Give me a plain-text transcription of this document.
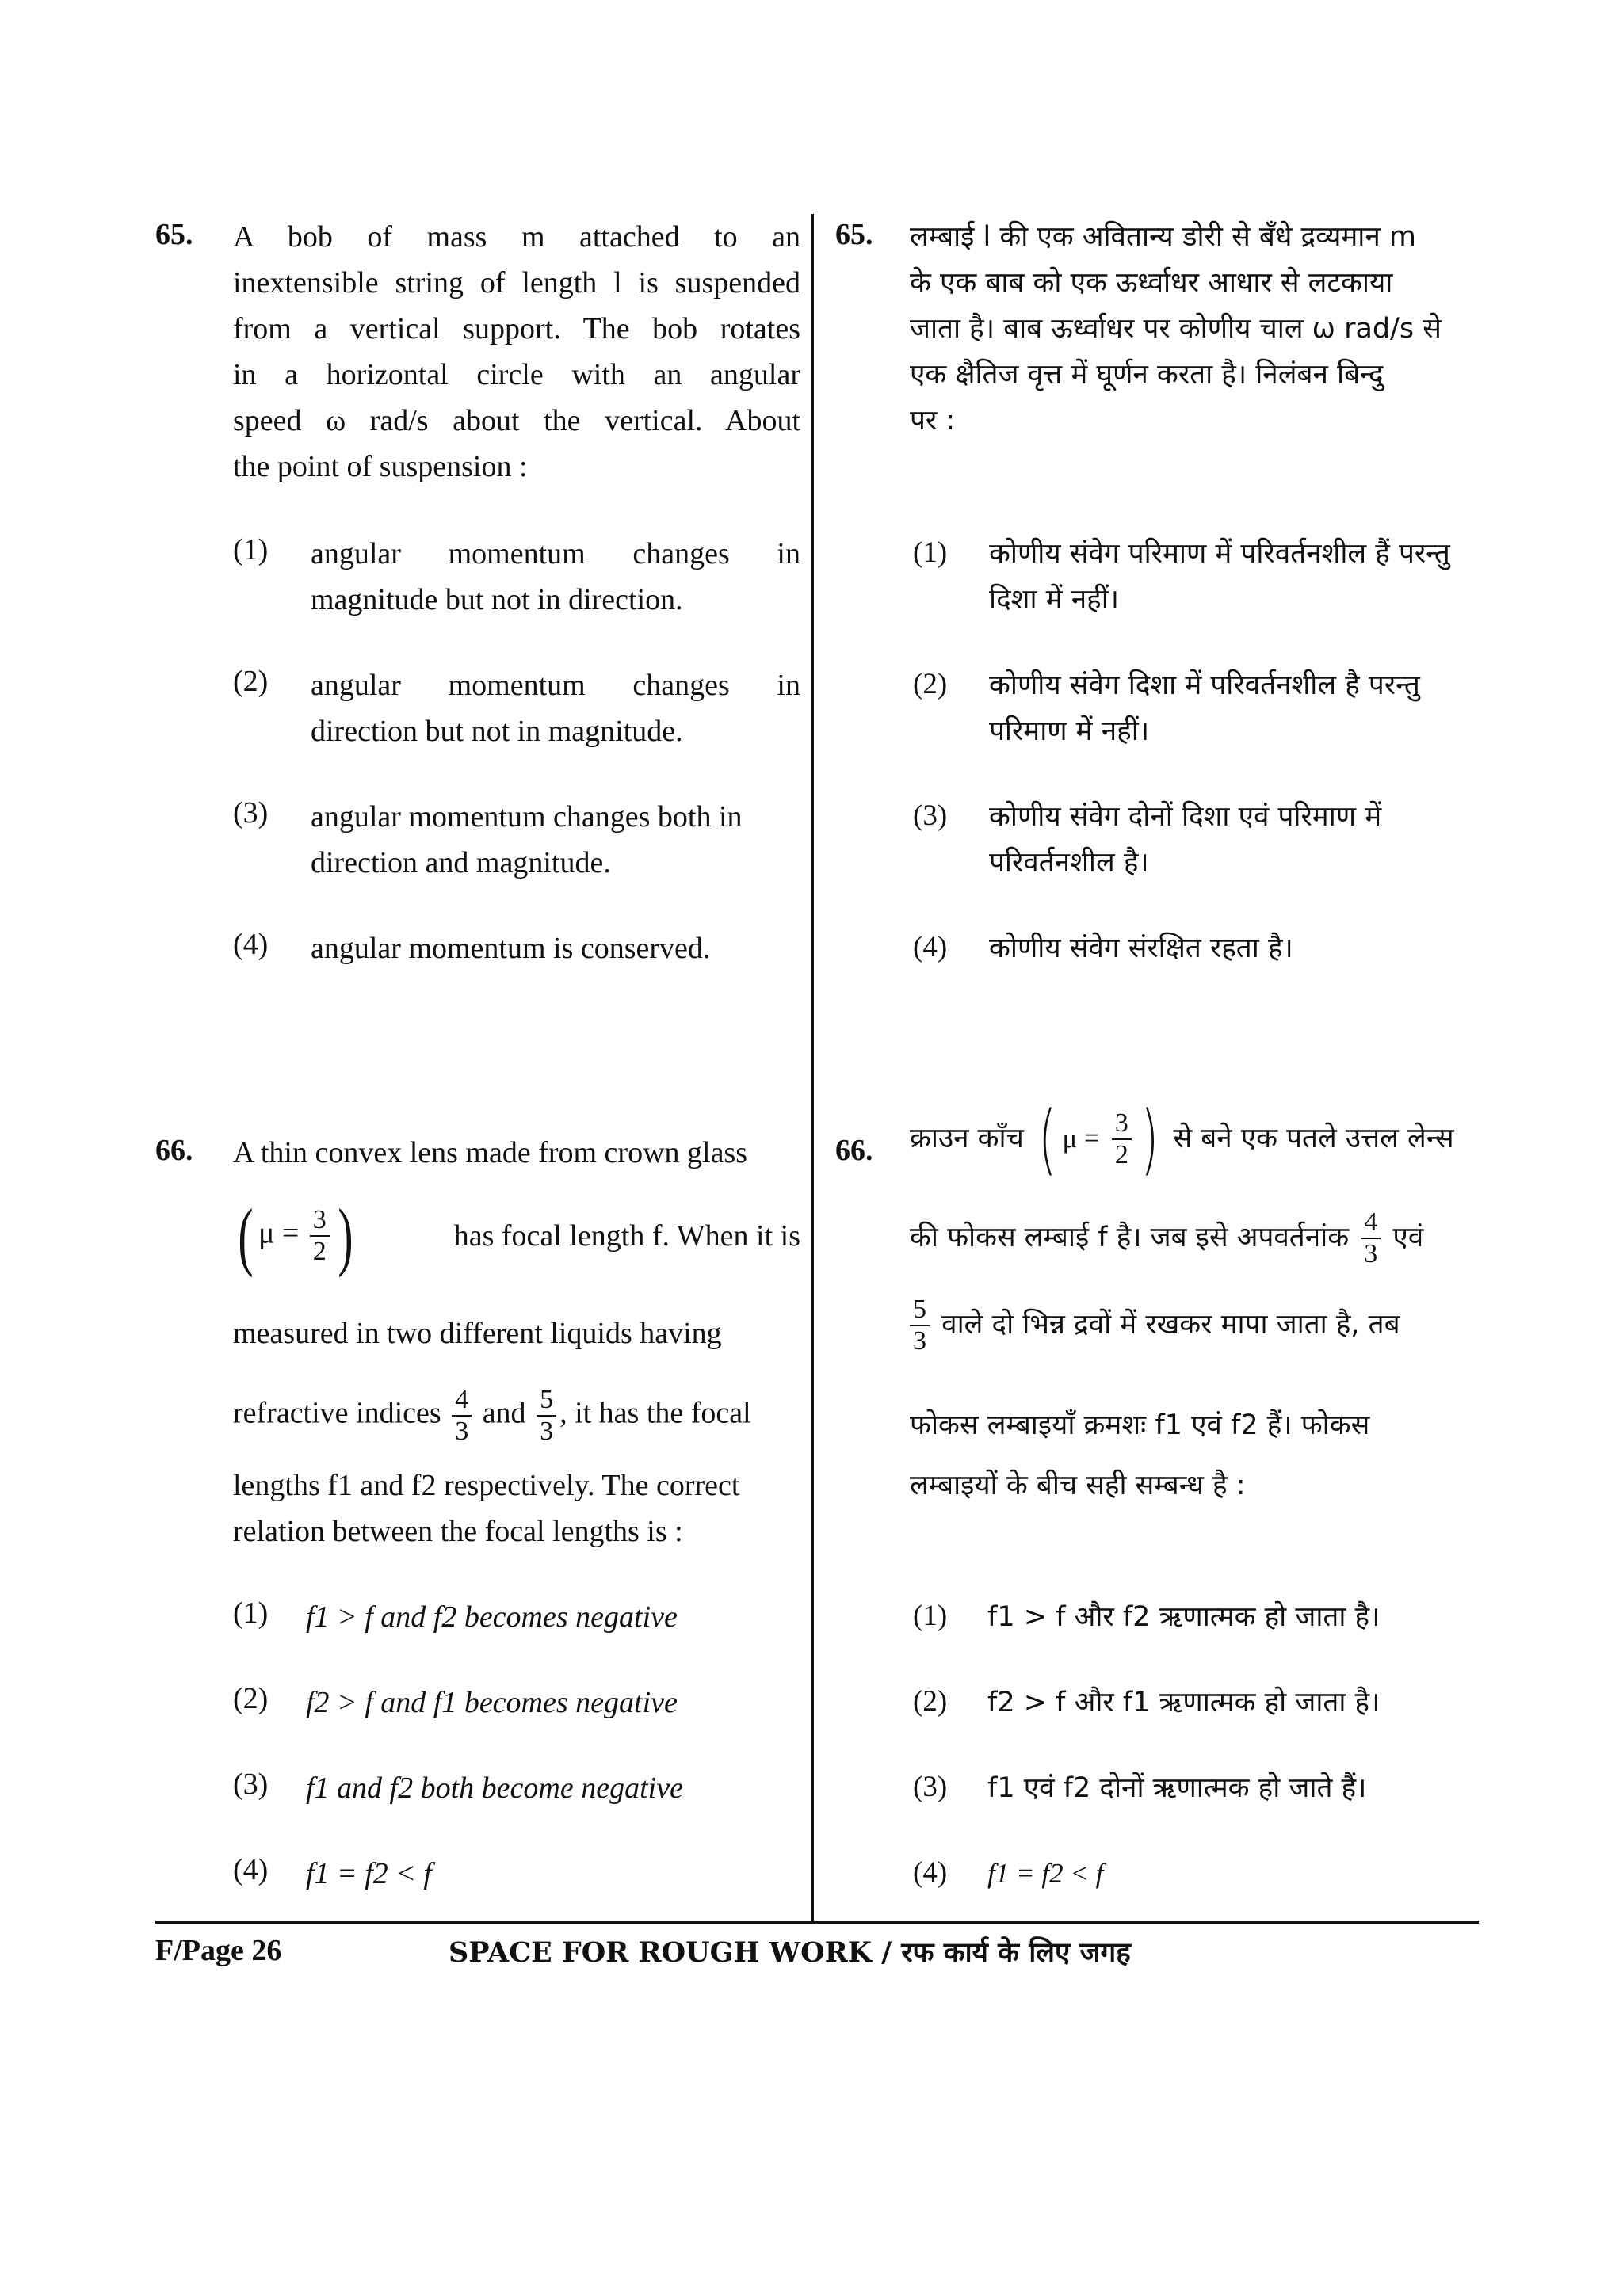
65. A bob of mass m attached to an
inextensible string of length l is suspended
from a vertical support. The bob rotates
in a horizontal circle with an angular
speed ω rad/s about the vertical. About
the point of suspension :
(1) angular momentum changes in
magnitude but not in direction.
(2) angular momentum changes in
direction but not in magnitude.
(3) angular momentum changes both in
direction and magnitude.
(4) angular momentum is conserved.
66. A thin convex lens made from crown glass
( $\mu = \frac{3}{2}$ )	has focal length f. When it is
measured in two different liquids having
refractive indices $\frac{4}{3}$ and $\frac{5}{3}$ , it has the focal
lengths f1 and f2 respectively. The correct
relation between the focal lengths is :
(1) f1 > f and f2 becomes negative
(2) f2 > f and f1 becomes negative
(3) f1 and f2 both become negative
(4) f1 = f2 < f
65. लम्बाई l की एक अवितान्य डोरी से बँधे द्रव्यमान m
के एक बाब को एक ऊर्ध्वाधर आधार से लटकाया
जाता है। बाब ऊर्ध्वाधर पर कोणीय चाल ω rad/s से
एक क्षैतिज वृत्त में घूर्णन करता है। निलंबन बिन्दु
पर :
(1) कोणीय संवेग परिमाण में परिवर्तनशील हैं परन्तु
दिशा में नहीं।
(2) कोणीय संवेग दिशा में परिवर्तनशील है परन्तु
परिमाण में नहीं।
(3) कोणीय संवेग दोनों दिशा एवं परिमाण में
परिवर्तनशील है।
(4) कोणीय संवेग संरक्षित रहता है।
66. क्राउन काँच ( $\mu = \frac{3}{2}$ ) से बने एक पतले उत्तल लेन्स
की फोकस लम्बाई f है। जब इसे अपवर्तनांक $\frac{4}{3}$ एवं
$\frac{5}{3}$ वाले दो भिन्न द्रवों में रखकर मापा जाता है, तब
फोकस लम्बाइयाँ क्रमशः f1 एवं f2 हैं। फोकस
लम्बाइयों के बीच सही सम्बन्ध है :
(1) f1 > f और f2 ऋणात्मक हो जाता है।
(2) f2 > f और f1 ऋणात्मक हो जाता है।
(3) f1 एवं f2 दोनों ऋणात्मक हो जाते हैं।
(4) f1 = f2 < f
F/Page 26	SPACE FOR ROUGH WORK / रफ कार्य के लिए जगह
